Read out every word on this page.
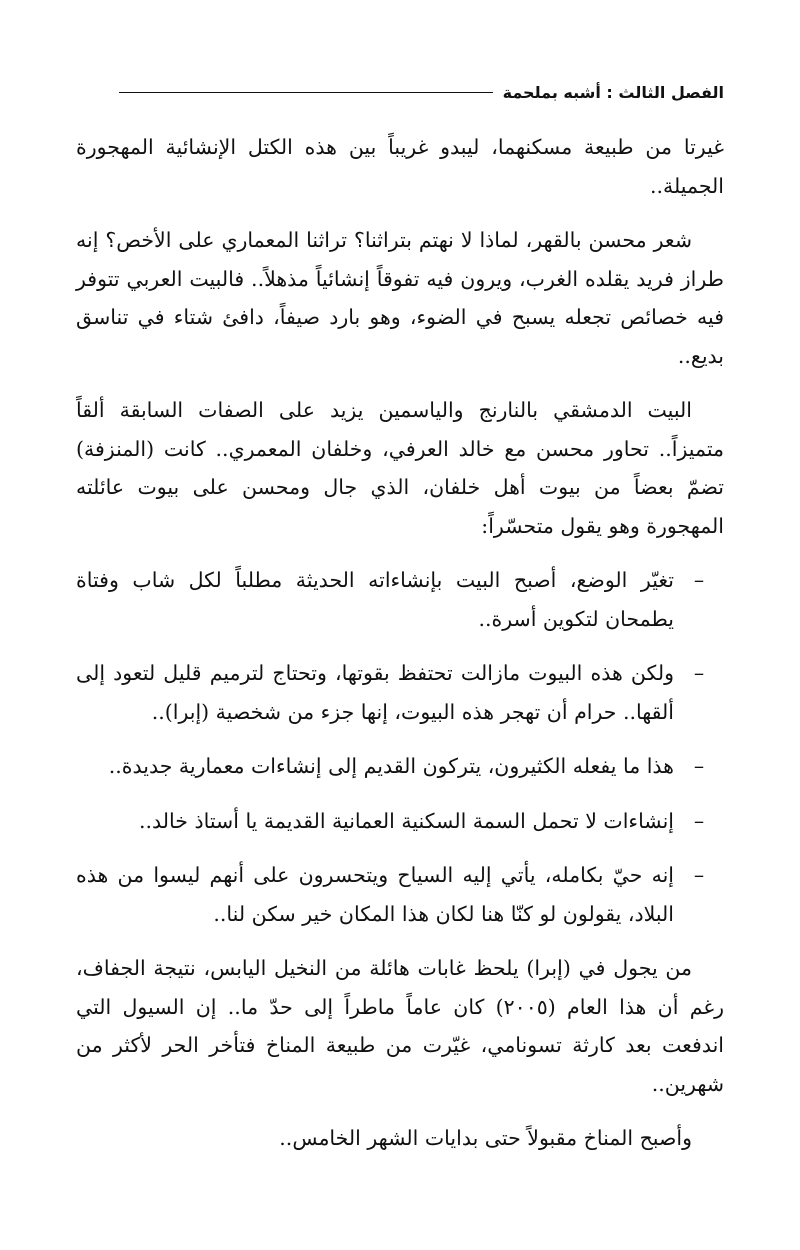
الفصل الثالث : أشبه بملحمة

غيرتا من طبيعة مسكنهما، ليبدو غريباً بين هذه الكتل الإنشائية المهجورة الجميلة..

شعر محسن بالقهر، لماذا لا نهتم بتراثنا؟ تراثنا المعماري على الأخص؟ إنه طراز فريد يقلده الغرب، ويرون فيه تفوقاً إنشائياً مذهلاً.. فالبيت العربي تتوفر فيه خصائص تجعله يسبح في الضوء، وهو بارد صيفاً، دافئ شتاء في تناسق بديع..

البيت الدمشقي بالنارنج والياسمين يزيد على الصفات السابقة ألقاً متميزاً.. تحاور محسن مع خالد العرفي، وخلفان المعمري.. كانت (المنزفة) تضمّ بعضاً من بيوت أهل خلفان، الذي جال ومحسن على بيوت عائلته المهجورة وهو يقول متحسّراً:

–
تغيّر الوضع، أصبح البيت بإنشاءاته الحديثة مطلباً لكل شاب وفتاة يطمحان لتكوين أسرة..
–
ولكن هذه البيوت مازالت تحتفظ بقوتها، وتحتاج لترميم قليل لتعود إلى ألقها.. حرام أن تهجر هذه البيوت، إنها جزء من شخصية (إبرا)..
–
هذا ما يفعله الكثيرون، يتركون القديم إلى إنشاءات معمارية جديدة..
–
إنشاءات لا تحمل السمة السكنية العمانية القديمة يا أستاذ خالد..
–
إنه حيّ بكامله، يأتي إليه السياح ويتحسرون على أنهم ليسوا من هذه البلاد، يقولون لو كنّا هنا لكان هذا المكان خير سكن لنا..

من يجول في (إبرا) يلحظ غابات هائلة من النخيل اليابس، نتيجة الجفاف، رغم أن هذا العام (٢٠٠٥) كان عاماً ماطراً إلى حدّ ما.. إن السيول التي اندفعت بعد كارثة تسونامي، غيّرت من طبيعة المناخ فتأخر الحر لأكثر من شهرين..

وأصبح المناخ مقبولاً حتى بدايات الشهر الخامس..
